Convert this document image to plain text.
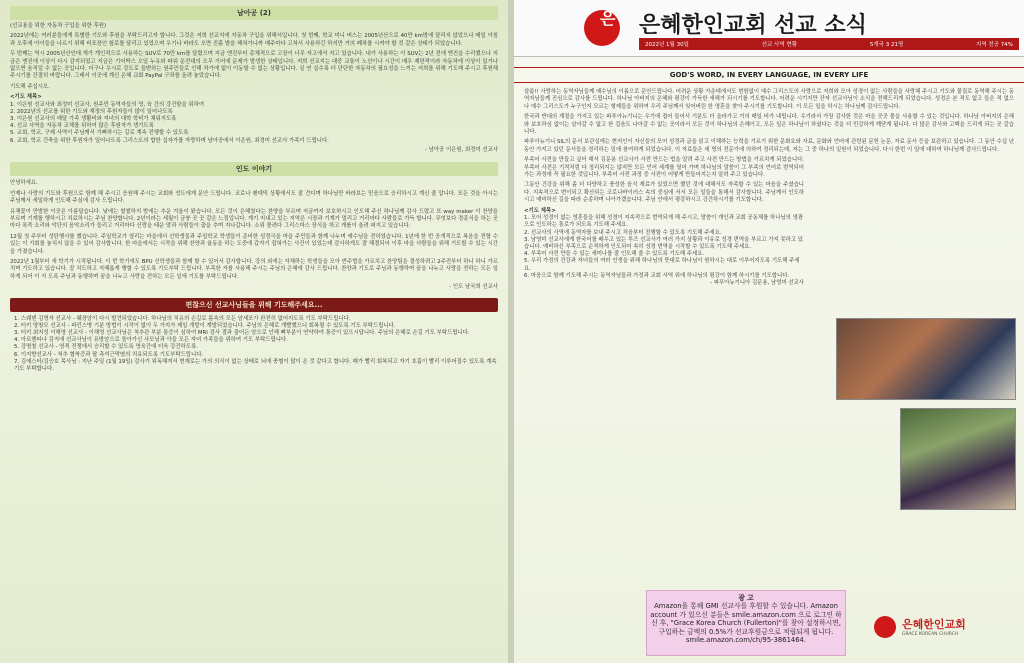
남아공 (2)

(선교용을 위한 자동차 구입을 위한 후원)

2022년에는 여러분들에게 특별한 기도와 후원을 부탁드리고자 합니다. 그것은 저희 선교지에 자동차 구입을 위해서입니다. 첫 번째, 학교 미니 버스는 2005년산으로 40만 km방에 달리지 않았으나 매일 아침과 오후에 아이들을 나르기 위해 비포장인 험로를 달리고 있었으며 우기나 바라도 오면 진흙 밭을 헤쳐가니까 매주마다 고쳐서 사용하긴 하지만 거의 폐차를 시켜야 할 것 같은 상태가 되었습니다.

두 번째는 역시 2005년산인데 개가 개인적으로 사용하는 SUV로 70만 km를 달렸으며 지금 엔진부터 총체적으로 고장이 너무 자고에서 지고 있습니다. 내가 사용하는 이 SUV는 2년 전에 엔진을 수리했으나 지금은 엔진에 이상이 다시 감지되었고 지금은 기어박스 오일 누유와 파워 운전대의 오무 기어에 문제가 발생한 상태입니다. 저희 선교지는 대중 교통이 노선이나 시간이 매우 제한적이라 자동차에 이상이 있거나 없으면 움직일 수 없는 곳입니다. 더구나 우시로 강도로 들변하는 원주민들로 인해 차가에 없이 이동할 수 없는 상황입니다. 실 연 실수록 더 단단한 자동차의 필요성을 느끼는 저희를 위해 기도해 주시고 후원해 주시기를 간절히 바랍니다. 그래서 이곳에 계신 은혜 교회 PayPal 구좌를 올려 놓았습니다.

기도해 주십시오.

<기도 제목>

1. 이은원 선교사와 최정미 선교사, 원주민 동역자들의 영, 육 간의 강건함을 위하여
2. 2022년의 선교를 위한 기도와 재정의 후원자들이 많이 일어나도록
3. 이은원 선교사의 매달 가족 생활비와 저녀의 대학 학비가 채워지도록
4. 선교 사역을 자동차 교체를 위하여 많은 후원자가 생기도록
5. 교회, 학교, 구제 사역이 주님께서 기뻐하시는 길로 계속 전행할 수 있도록
6. 교회, 학교 건축을 위한 후원자가 일어나도록 그리스도의 합한 십자가를 자랑하며 남아공에서 이은원, 최정미 선교사 가족이 드립니다.

- 남아공 이은원, 최정미 선교사

인도 이야기

안녕하세요.

언제나 사랑의 기도와 후원으로 함께 해 주시고 응원해 주시는 교회와 성도에게 문안 드립니다. 코로나 팬데믹 상황에서도 잘 견디며 하나님만 바라보는 믿음으로 승리하시고 계신 줄 압니다. 모든 것을 아시는 주님께서 세밀하게 인도해 주심에 감사 드립니다.

유채꽃이 만발한 이곳은 아름답습니다. 낮에는 쌀쌀하지 밤에는 추운 겨울이 왔습니다. 모든 것이 은혜였다는 찬양을 부르며 지금까지 보호하시고 인도해 주신 하나님께 감사 드렸고 또 way maker 이 찬양을 부르며 기계를 행하시고 치료하시는 주님 찬양합니다. 2년이라는 세월이 금붕 곳 곳 같은 느낌입니다. 계기 지내고 있는 지역은 시장과 기계가 멀리고 거리마다 사람들로 가득 합니다. 무엇보다 경종식을 하는 곳마다 폭죽 소리와 악단의 음악소리가 들리고 거리마다 신랑을 태운 말과 사람들이 춤을 추며 지나갑니다. 소위 몰려다 그리스마스 장식을 하고 캐롤이 울려 퍼지고 있습니다.

12월 첫 주부터 성탄행사를 했습니다. 주일학교가 열리는 마을에서 신학생들과 주일학교 학생들이 준비한 성경극을 마을 주민들과 함께 나누며 예수님을 전하였습니다. 1년에 한 번 공개적으로 복음을 전할 수 있는 이 기회를 놓치지 않을 수 있어 감사합니다. 한 마을에서는 시작을 위해 찬양과 율동을 하는 도중에 갑자기 잡혀가는 사건이 있었는데 감사하게도 잘 해결되어 이후 마을 사람들을 위해 기도할 수 있는 시간을 가졌습니다.

2022년 1월부터 새 학기가 시작됩니다. 이 번 학기에도 BPU 신학생들과 함께 할 수 있어서 감사합니다. 강의 외에는 자체하는 학생들을 모아 반주법을 가르치고 찬양팀을 결성하려고 2주전부터 하니 하니 가르치며 기도하고 있습니다. 잘 치도하고 지혜롭게 행할 수 있도록 기도부탁 드립니다. 부족한 자를 사용해 주시는 주님의 은혜에 감사 드립니다. 찬양과 기도로 주님과 동행하며 꿈을 나누고 사랑을 전하는 모든 일 하게 되어 이 지 도록 주님과 동행하며 꿈을 나누고 사랑을 전하는 모든 일에 기도를 부탁드립니다.

- 인도 남국희 선교사

편찮으신 선교사님들을 위해 기도해주세요...
1. 스웨덴 김명자 선교사 - 췌장암이 다시 발견되었습니다. 하나님의 치유의 손길로 몸속의 모든 암세포가 완전히 없어지도록 기도 부탁드립니다.
2. 터키 양창모 선교사 - 파킨스병 기분 방법이 시작이 없이 두 가지가 제일 개발이 계발되었습니다. 주님의 은혜로 개빨했으니 회복될 수 있도록 기도 부탁드립니다.
3. 터키 최지성 이해영 선교사 - 이해영 선교사님은 척추관 부분 통증이 심하여 MRI 검사 결과 출어든 암으로 인해 뼈부분이 연약하여 통증이 있으시답니다. 주님의 은혜로 손길 기도 부탁드립니다.
4. 아르헨티나 김지애 선교사님이 유방암으로 돌아가신 사모님과 아들 모든 자녀 가족들을 위하여 기도 부탁드립니다.
5. 강명철 선교사 - 영적 전쟁에서 승리할 수 있도록 영육간에 더욱 강건하도록.
6. 이지향선교사 - 척추 협착증과 팔 측석근막염의 치유되도록 기도부탁드립니다.
7. 김에스터/김승호 목사님 : 지난 주일 (1월 19일) 감사기 위독해져서 현재로는 가의 의식이 없는 상태로 뇌에 충혈이 많이 온 것 같다고 합니다. 패가 빨리 회복되고 자기 호흡이 빨리 이루어질수 있도록 계속 기도 부탁합니다.
은 은혜한인교회 선교 소식
2022년 1월 30일	선교 사역 현황	5개국 3 21명	지역 전공 74%
GOD'S WORD, IN EVERY LANGUAGE, IN EVERY LIFE

샬롬!! 사랑하는 동역자님들께 예수님의 이름으로 문안드립니다. 어려운 상황 가운데에서도 변함없이 예수 그리스도의 사랑으로 저희와 모아 성경이 없는 사람들을 사랑해 주시고 기도와 물질로 동역해 주시는 동역자님들께 진심으로 감사를 드립니다. 하나님 아버지의 은혜와 평강이 가득한 새해가 되시기를 기도합니다. 어려운 시기지만 잔자 선교사님이 소식을 전해드리게 되었습니다. 성경은 본 적도 없고 들은 적 없으나 예수 그리스도가 누구인지 모르는 형제들을 위하여 우리 주님께서 잊어버린 한 영혼을 찾아 주시기를 기도합니다. 이 모든 일을 하시는 하나님께 감사드립니다.

한국과 반대의 계절을 가지고 있는 파푸아뉴기니는 우기에 접어 들어서 기분도 더 올라가고 거의 매일 비가 내립니다. 우기라서 가장 감사한 것은 마을 곳곳 물을 사용할 수 있는 것입니다. 하나님 아버지의 은혜와 보호하심 없이는 살아갈 수 없고 한 걸음도 나아갈 수 없는 곳이라서 모든 것이 하나님의 은혜이고, 모든 일은 하나님이 하셨다는 것을 더 민감하게 깨닫게 됩니다. 다 많은 감사와 고백을 드리게 되는 곳 같습니다.

파푸아뉴기니 SIL의 문서 보관실에는 현지인이 자신들의 모어 성경과 글을 읽고 이해하는 능력을 기르기 위한 문화요와 자료, 문화와 언어에 관련된 문헌 논문, 자료 문서 등을 보관하고 있습니다. 그 동안 수십 년 동안 가지고 있던 문서들을 정리하는 일에 참여하게 되었습니다. 이 자료들은 세 명의 전문가에 의하여 정리되는데, 저는 그 중 하나의 일원이 되었습니다. 다시 한번 이 일에 대하여 하나님께 감사드립니다.

부족어 사전을 만들고 싶어 해서 김문용 선교사가 사전 만드는 법을 알려 주고 사전 만드는 방법을 가르치게 되었습니다. 부족어 사전은 기적처럼 다 정리되지는 않지만 모든 언어 세계를 열어 가며 하나님의 말씀이 그 부족의 언어로 번역되어 가는 과정에 꼭 필요한 것입니다. 부족어 사전 과정 중 사전이 어떻게 만들어지는지 알려 주고 있습니다.

그동안 건강을 위해 좀 더 다양하고 풍성한 음식 재료가 있었으면 했던 것에 대해서도 자족할 수 있는 마음을 주셨습니다. 지속적으로 변이되고 확산되는 코로나바이러스 속의 중심에 서서 모든 일들을 통해서 감사합니다. 주님께서 인도하시고 예비하신 길을 따라 순종하며 나아가겠습니다. 주님 안에서 평강하시고 강건하시기를 기도합니다.

<기도 제목>

1. 모어 성경이 없는 영혼들을 위해 성경이 지속적으로 번역되게 해 주시고, 말씀이 개인과 교회 공동체를 하나님의 영광으로 인도하는 통로가 되도록 기도해 주세요.
2. 선교사의 사역에 동역자를 보내 주시고 처음부터 진행할 수 있도록 기도해 주세요.
3. 남영미 선교사에게 한국어를 배우고 있는 투즈 선교사가 여러 가지 상황과 이유로 성경 번역을 부르고 가지 못하고 있습니다. 예비하신 부족으로 순적하게 인도되어 속히 성경 번역을 시작할 수 있도록 기도해 주세요.
4. 부족어 사전 만들 수 있는 세미나를 잘 인도해 줄 수 있도록 기도해 주세요.
5. 우리 가정의 건강과 자녀들의 여러 인생을 위해 하나님의 뜻대로 하나님이 원하시는 대로 이루어지도록 기도해 주세요.
6. 마음으로 함께 기도해 주시는 동역자님들과 가정과 교회 사역 위에 하나님의 평강이 함께 하시기를 기도합니다.

- 파푸아뉴기니아 김문용, 남영미 선교사

광 고
Amazon을 통해 GMI 선교사를 후원할 수 있습니다. Amazon account 가 있으신 분들은 smile.amazon.com 으로 로그인 하신 후, "Grace Korea Church (Fullerton)"를 찾아 설정하시면, 구입하는 금액의 0.5%가 선교후원금으로 적립되게 됩니다. smile.amazon.com/ch/95-3861464.
은혜한인교회
GRACE KOREAN CHURCH
